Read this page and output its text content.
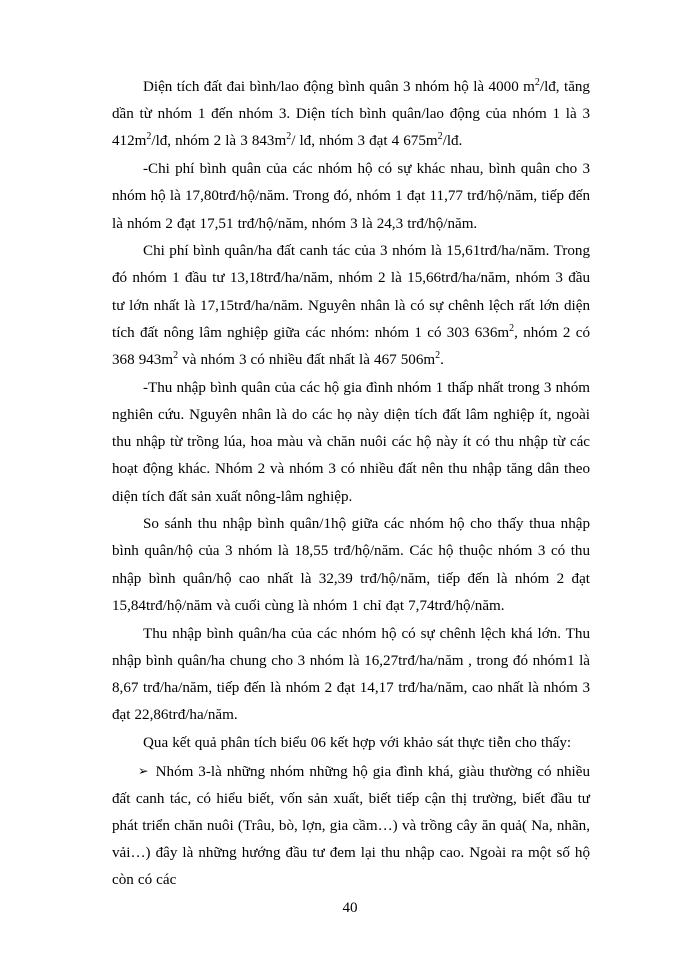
Diện tích đất đai bình/lao động bình quân 3 nhóm hộ là 4000 $m^2/lđ$, tăng dần từ nhóm 1 đến nhóm 3. Diện tích bình quân/lao động của nhóm 1 là 3 $412m^2/lđ$, nhóm 2 là 3 $843m^2/$ lđ, nhóm 3 đạt 4 $675m^2/lđ$.

-Chi phí bình quân của các nhóm hộ có sự khác nhau, bình quân cho 3 nhóm hộ là 17,80trđ/hộ/năm. Trong đó, nhóm 1 đạt 11,77 trđ/hộ/năm, tiếp đến là nhóm 2 đạt 17,51 trđ/hộ/năm, nhóm 3 là 24,3 trđ/hộ/năm.

Chi phí bình quân/ha đất canh tác của 3 nhóm là 15,61trđ/ha/năm. Trong đó nhóm 1 đầu tư 13,18trđ/ha/năm, nhóm 2 là 15,66trđ/ha/năm, nhóm 3 đầu tư lớn nhất là 17,15trđ/ha/năm. Nguyên nhân là có sự chênh lệch rất lớn diện tích đất nông lâm nghiệp giữa các nhóm: nhóm 1 có 303 $636m^2$, nhóm 2 có 368 $943m^2$ và nhóm 3 có nhiều đất nhất là 467 $506m^2$.

-Thu nhập bình quân của các hộ gia đình nhóm 1 thấp nhất trong 3 nhóm nghiên cứu. Nguyên nhân là do các họ này diện tích đất lâm nghiệp ít, ngoài thu nhập từ trồng lúa, hoa màu và chăn nuôi các hộ này ít có thu nhập từ các hoạt động khác. Nhóm 2 và nhóm 3 có nhiều đất nên thu nhập tăng dân theo diện tích đất sản xuất nông-lâm nghiệp.

So sánh thu nhập bình quân/1hộ giữa các nhóm hộ cho thấy thua nhập bình quân/hộ của 3 nhóm là 18,55 trđ/hộ/năm. Các hộ thuộc nhóm 3 có thu nhập bình quân/hộ cao nhất là 32,39 trđ/hộ/năm, tiếp đến là nhóm 2 đạt 15,84trđ/hộ/năm và cuối cùng là nhóm 1 chỉ đạt 7,74trđ/hộ/năm.

Thu nhập bình quân/ha của các nhóm hộ có sự chênh lệch khá lớn. Thu nhập bình quân/ha chung cho 3 nhóm là 16,27trđ/ha/năm , trong đó nhóm1 là 8,67 trđ/ha/năm, tiếp đến là nhóm 2 đạt 14,17 trđ/ha/năm, cao nhất là nhóm 3 đạt 22,86trđ/ha/năm.

Qua kết quả phân tích biểu 06 kết hợp với khảo sát thực tiễn cho thấy:

➢ Nhóm 3-là những nhóm những hộ gia đình khá, giàu thường có nhiều đất canh tác, có hiểu biết, vốn sản xuất, biết tiếp cận thị trường, biết đầu tư phát triển chăn nuôi (Trâu, bò, lợn, gia cầm…) và trồng cây ăn quả( Na, nhãn, vải…) đây là những hướng đầu tư đem lại thu nhập cao. Ngoài ra một số hộ còn có các

40
